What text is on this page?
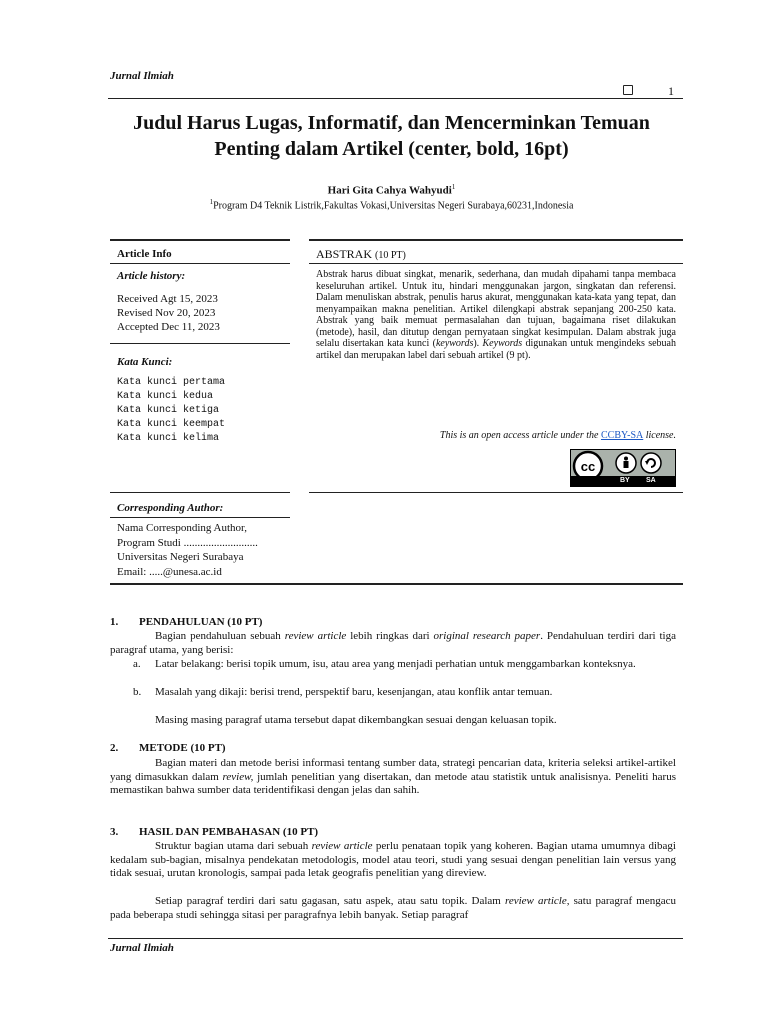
Jurnal Ilmiah
1
Judul Harus Lugas, Informatif, dan Mencerminkan Temuan
Penting dalam Artikel (center, bold, 16pt)
Hari Gita Cahya Wahyudi$^1$
$^1$Program D4 Teknik Listrik,Fakultas Vokasi,Universitas Negeri Surabaya,60231,Indonesia
Article Info
Article history:
Received Agt 15, 2023
Revised Nov 20, 2023
Accepted Dec 11, 2023
Kata Kunci:
Kata kunci pertama
Kata kunci kedua
Kata kunci ketiga
Kata kunci keempat
Kata kunci kelima
Corresponding Author:
Nama Corresponding Author,
Program Studi ...........................
Universitas Negeri Surabaya
Email: .....@unesa.ac.id
ABSTRAK (10 PT)
Abstrak harus dibuat singkat, menarik, sederhana, dan mudah dipahami tanpa membaca keseluruhan artikel. Untuk itu, hindari menggunakan jargon, singkatan dan referensi. Dalam menuliskan abstrak, penulis harus akurat, menggunakan kata-kata yang tepat, dan menyampaikan makna penelitian. Artikel dilengkapi abstrak sepanjang 200-250 kata. Abstrak yang baik memuat permasalahan dan tujuan, bagaimana riset dilakukan (metode), hasil, dan ditutup dengan pernyataan singkat kesimpulan. Dalam abstrak juga selalu disertakan kata kunci (keywords). Keywords digunakan untuk mengindeks sebuah artikel dan merupakan label dari sebuah artikel (9 pt).
This is an open access article under the CCBY-SA license.
cc
BY SA
1. PENDAHULUAN (10 PT)
Bagian pendahuluan sebuah review article lebih ringkas dari original research paper. Pendahuluan terdiri dari tiga paragraf utama, yang berisi:
a.	Latar belakang: berisi topik umum, isu, atau area yang menjadi perhatian untuk menggambarkan konteksnya.
b.	Masalah yang dikaji: berisi trend, perspektif baru, kesenjangan, atau konflik antar temuan.
Masing masing paragraf utama tersebut dapat dikembangkan sesuai dengan keluasan topik.
2. METODE (10 PT)
Bagian materi dan metode berisi informasi tentang sumber data, strategi pencarian data, kriteria seleksi artikel-artikel yang dimasukkan dalam review, jumlah penelitian yang disertakan, dan metode atau statistik untuk analisisnya. Peneliti harus memastikan bahwa sumber data teridentifikasi dengan jelas dan sahih.
3. HASIL DAN PEMBAHASAN (10 PT)
Struktur bagian utama dari sebuah review article perlu penataan topik yang koheren. Bagian utama umumnya dibagi kedalam sub-bagian, misalnya pendekatan metodologis, model atau teori, studi yang sesuai dengan penelitian lain versus yang tidak sesuai, urutan kronologis, sampai pada letak geografis penelitian yang direview.
Setiap paragraf terdiri dari satu gagasan, satu aspek, atau satu topik. Dalam review article, satu paragraf mengacu pada beberapa studi sehingga sitasi per paragrafnya lebih banyak. Setiap paragraf
Jurnal Ilmiah
